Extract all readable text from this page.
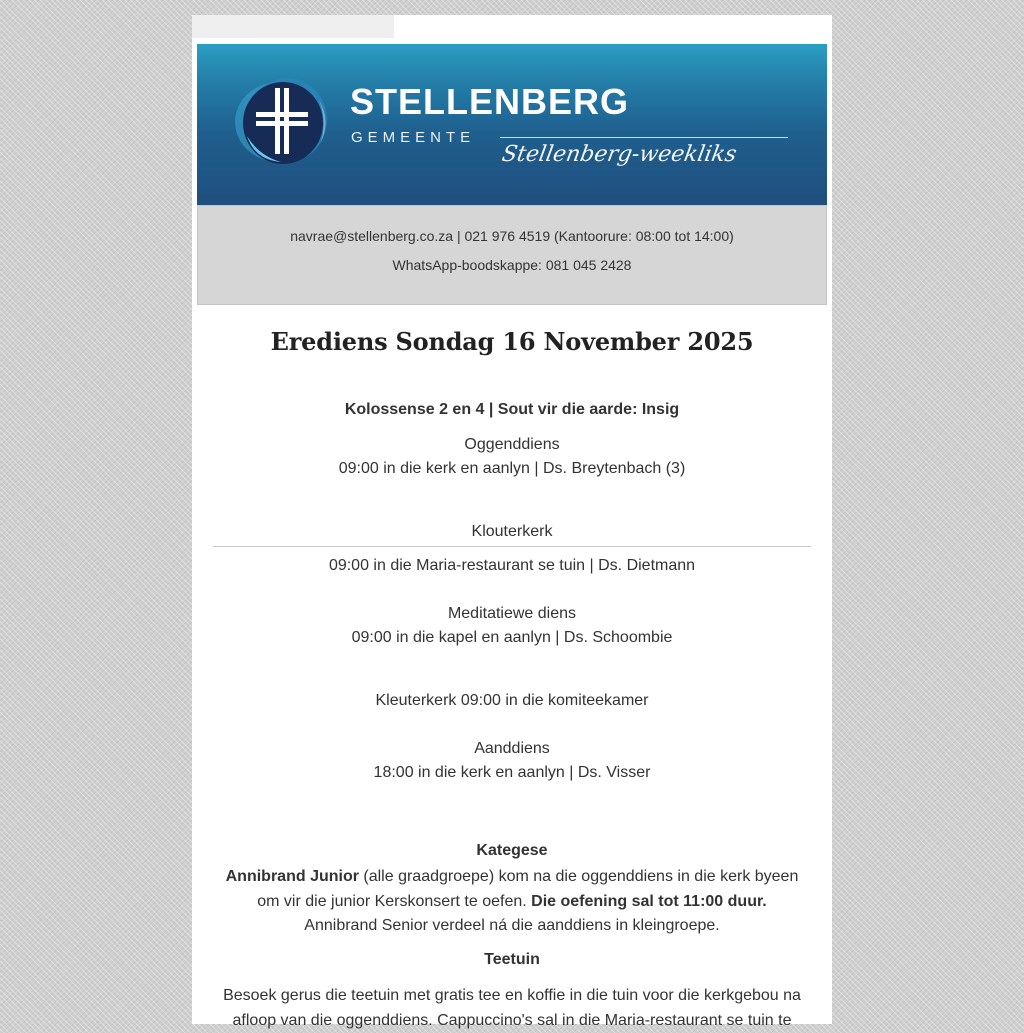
STELLENBERG
GEMEENTE
Stellenberg-weekliks
navrae@stellenberg.co.za | 021 976 4519 (Kantoorure: 08:00 tot 14:00)
WhatsApp-boodskappe: 081 045 2428
Erediens Sondag 16 November 2025
Kolossense 2 en 4 | Sout vir die aarde: Insig
Oggenddiens
09:00 in die kerk en aanlyn | Ds. Breytenbach (3)
Klouterkerk
09:00 in die Maria-restaurant se tuin | Ds. Dietmann
Meditatiewe diens
09:00 in die kapel en aanlyn | Ds. Schoombie
Kleuterkerk 09:00 in die komiteekamer
Aanddiens
18:00 in die kerk en aanlyn | Ds. Visser
Kategese
Annibrand Junior (alle graadgroepe) kom na die oggenddiens in die kerk byeen om vir die junior Kerskonsert te oefen. Die oefening sal tot 11:00 duur.
Annibrand Senior verdeel ná die aanddiens in kleingroepe.
Teetuin
Besoek gerus die teetuin met gratis tee en koffie in die tuin voor die kerkgebou na afloop van die oggenddiens. Cappuccino's sal in die Maria-restaurant se tuin te
